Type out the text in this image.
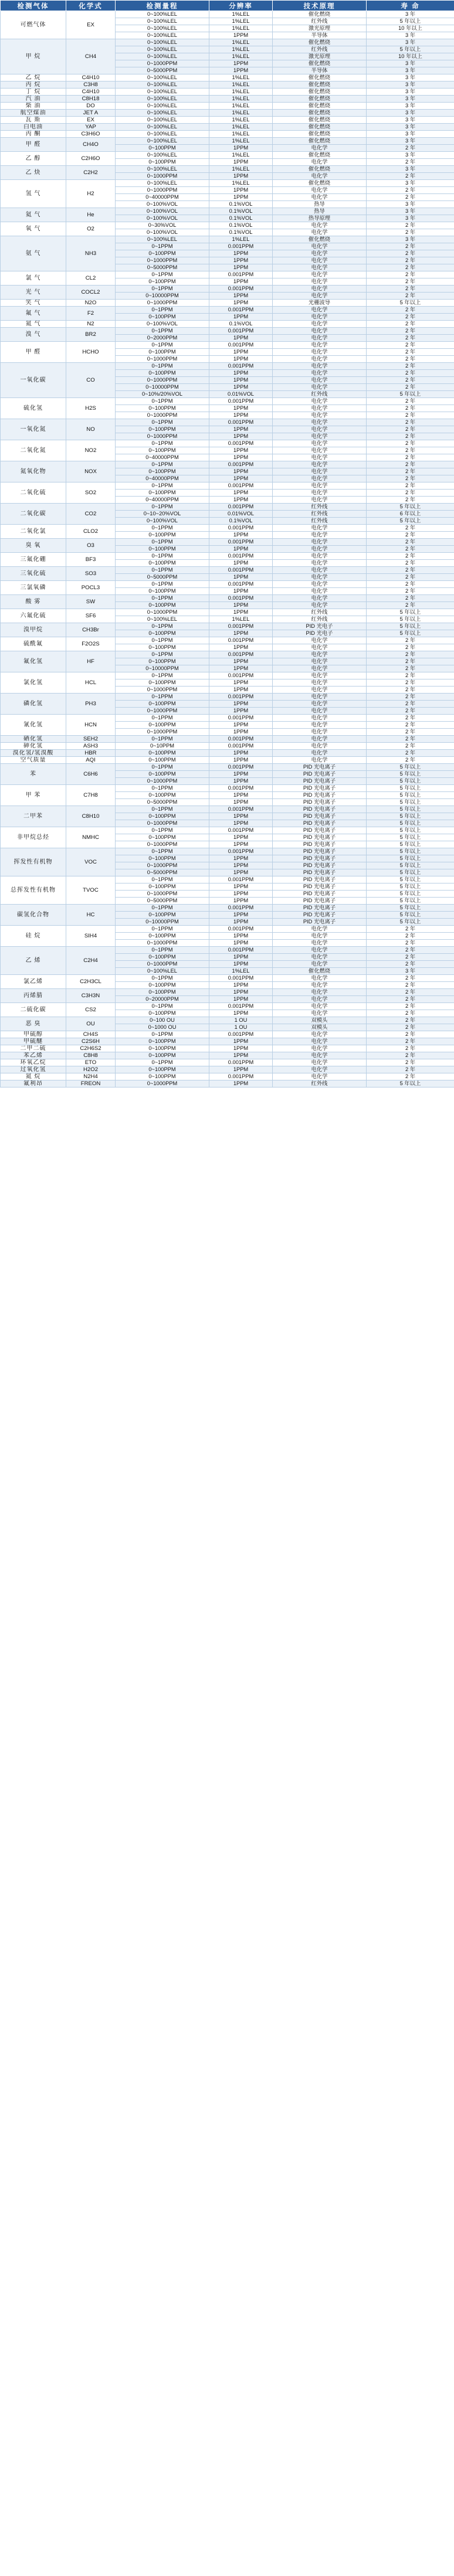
检测气体	化学式	检测量程	分辨率	技术原理	寿 命
可燃气体	EX	0~100%LEL	1%LEL	催化燃烧	3 年
		0~100%LEL	1%LEL	红外线	5 年以上
		0~100%LEL	1%LEL	激光原理	10 年以上
		0~100%LEL	1PPM	半导体	3 年
甲 烷	CH4	0~100%LEL	1%LEL	催化燃烧	3 年
		0~100%LEL	1%LEL	红外线	5 年以上
		0~100%LEL	1%LEL	激光原理	10 年以上
		0~1000PPM	1PPM	催化燃烧	3 年
		0~5000PPM	1PPM	半导体	3 年
乙 烷	C4H10	0~100%LEL	1%LEL	催化燃烧	3 年
丙 烷	C3H8	0~100%LEL	1%LEL	催化燃烧	3 年
丁 烷	C4H10	0~100%LEL	1%LEL	催化燃烧	3 年
汽 油	C8H18	0~100%LEL	1%LEL	催化燃烧	3 年
柴 油	DO	0~100%LEL	1%LEL	催化燃烧	3 年
航空煤油	JET A	0~100%LEL	1%LEL	催化燃烧	3 年
瓦 斯	EX	0~100%LEL	1%LEL	催化燃烧	3 年
白电油	YAP	0~100%LEL	1%LEL	催化燃烧	3 年
丙 酮	C3H6O	0~100%LEL	1%LEL	催化燃烧	3 年
甲 醛	CH4O	0~100%LEL	1%LEL	催化燃烧	3 年
		0~100PPM	1PPM	电化学	2 年
乙 醇	C2H6O	0~100%LEL	1%LEL	催化燃烧	3 年
		0~100PPM	1PPM	电化学	2 年
乙 炔	C2H2	0~100%LEL	1%LEL	催化燃烧	3 年
		0~1000PPM	1PPM	电化学	2 年
氢 气	H2	0~100%LEL	1%LEL	催化燃烧	3 年
		0~1000PPM	1PPM	电化学	2 年
		0~40000PPM	1PPM	电化学	2 年
		0~100%VOL	0.1%VOL	热导	3 年
氦 气	He	0~100%VOL	0.1%VOL	热导	3 年
		0~100%VOL	0.1%VOL	热导原理	3 年
氧 气	O2	0~30%VOL	0.1%VOL	电化学	2 年
		0~100%VOL	0.1%VOL	电化学	2 年
氨 气	NH3	0~100%LEL	1%LEL	催化燃烧	3 年
		0~1PPM	0.001PPM	电化学	2 年
		0~100PPM	1PPM	电化学	2 年
		0~1000PPM	1PPM	电化学	2 年
		0~5000PPM	1PPM	电化学	2 年
氯 气	CL2	0~1PPM	0.001PPM	电化学	2 年
		0~100PPM	1PPM	电化学	2 年
光 气	COCL2	0~1PPM	0.001PPM	电化学	2 年
		0~10000PPM	1PPM	电化学	2 年
笑 气	N2O	0~1000PPM	1PPM	光栅波导	5 年以上
氟 气	F2	0~1PPM	0.001PPM	电化学	2 年
		0~100PPM	1PPM	电化学	2 年
氮 气	N2	0~100%VOL	0.1%VOL	电化学	2 年
溴 气	BR2	0~1PPM	0.001PPM	电化学	2 年
		0~2000PPM	1PPM	电化学	2 年
甲 醛	HCHO	0~1PPM	0.001PPM	电化学	2 年
		0~100PPM	1PPM	电化学	2 年
		0~1000PPM	1PPM	电化学	2 年
一氧化碳	CO	0~1PPM	0.001PPM	电化学	2 年
		0~100PPM	1PPM	电化学	2 年
		0~1000PPM	1PPM	电化学	2 年
		0~10000PPM	1PPM	电化学	2 年
		0~10%/20%VOL	0.01%VOL	红外线	5 年以上
硫化氢	H2S	0~1PPM	0.001PPM	电化学	2 年
		0~100PPM	1PPM	电化学	2 年
		0~1000PPM	1PPM	电化学	2 年
一氧化氮	NO	0~1PPM	0.001PPM	电化学	2 年
		0~100PPM	1PPM	电化学	2 年
		0~1000PPM	1PPM	电化学	2 年
二氧化氮	NO2	0~1PPM	0.001PPM	电化学	2 年
		0~100PPM	1PPM	电化学	2 年
		0~40000PPM	1PPM	电化学	2 年
氮氧化物	NOX	0~1PPM	0.001PPM	电化学	2 年
		0~100PPM	1PPM	电化学	2 年
		0~40000PPM	1PPM	电化学	2 年
二氧化硫	SO2	0~1PPM	0.001PPM	电化学	2 年
		0~100PPM	1PPM	电化学	2 年
		0~40000PPM	1PPM	电化学	2 年
二氧化碳	CO2	0~1PPM	0.001PPM	红外线	5 年以上
		0~10~20%VOL	0.01%VOL	红外线	6 年以上
		0~100%VOL	0.1%VOL	红外线	5 年以上
二氧化氯	CLO2	0~1PPM	0.001PPM	电化学	2 年
		0~100PPM	1PPM	电化学	2 年
臭 氧	O3	0~1PPM	0.001PPM	电化学	2 年
		0~100PPM	1PPM	电化学	2 年
三氟化硼	BF3	0~1PPM	0.001PPM	电化学	2 年
		0~100PPM	1PPM	电化学	2 年
三氧化硫	SO3	0~1PPM	0.001PPM	电化学	2 年
		0~5000PPM	1PPM	电化学	2 年
三氯氧磷	POCL3	0~1PPM	0.001PPM	电化学	2 年
		0~100PPM	1PPM	电化学	2 年
酸 雾	SW	0~1PPM	0.001PPM	电化学	2 年
		0~100PPM	1PPM	电化学	2 年
六氟化硫	SF6	0~1000PPM	1PPM	红外线	5 年以上
		0~100%LEL	1%LEL	红外线	5 年以上
溴甲烷	CH3Br	0~1PPM	0.001PPM	PID 光电子	5 年以上
		0~100PPM	1PPM	PID 光电子	5 年以上
硫酰氟	F2O2S	0~1PPM	0.001PPM	电化学	2 年
		0~100PPM	1PPM	电化学	2 年
氟化氢	HF	0~1PPM	0.001PPM	电化学	2 年
		0~100PPM	1PPM	电化学	2 年
		0~10000PPM	1PPM	电化学	2 年
氯化氢	HCL	0~1PPM	0.001PPM	电化学	2 年
		0~100PPM	1PPM	电化学	2 年
		0~1000PPM	1PPM	电化学	2 年
磷化氢	PH3	0~1PPM	0.001PPM	电化学	2 年
		0~100PPM	1PPM	电化学	2 年
		0~1000PPM	1PPM	电化学	2 年
氰化氢	HCN	0~1PPM	0.001PPM	电化学	2 年
		0~100PPM	1PPM	电化学	2 年
		0~1000PPM	1PPM	电化学	2 年
硒化氢	SEH2	0~1PPM	0.001PPM	电化学	2 年
砷化氢	ASH3	0~10PPM	0.001PPM	电化学	2 年
溴化氢/氢溴酸	HBR	0~100PPM	1PPM	电化学	2 年
空气质量	AQI	0~100PPM	1PPM	电化学	2 年
苯	C6H6	0~1PPM	0.001PPM	PID 光电离子	5 年以上
		0~100PPM	1PPM	PID 光电离子	5 年以上
		0~1000PPM	1PPM	PID 光电离子	5 年以上
甲 苯	C7H8	0~1PPM	0.001PPM	PID 光电离子	5 年以上
		0~100PPM	1PPM	PID 光电离子	5 年以上
		0~5000PPM	1PPM	PID 光电离子	5 年以上
二甲苯	C8H10	0~1PPM	0.001PPM	PID 光电离子	5 年以上
		0~100PPM	1PPM	PID 光电离子	5 年以上
		0~1000PPM	1PPM	PID 光电离子	5 年以上
非甲烷总烃	NMHC	0~1PPM	0.001PPM	PID 光电离子	5 年以上
		0~100PPM	1PPM	PID 光电离子	5 年以上
		0~1000PPM	1PPM	PID 光电离子	5 年以上
挥发性有机物	VOC	0~1PPM	0.001PPM	PID 光电离子	5 年以上
		0~100PPM	1PPM	PID 光电离子	5 年以上
		0~1000PPM	1PPM	PID 光电离子	5 年以上
		0~5000PPM	1PPM	PID 光电离子	5 年以上
总挥发性有机物	TVOC	0~1PPM	0.001PPM	PID 光电离子	5 年以上
		0~100PPM	1PPM	PID 光电离子	5 年以上
		0~1000PPM	1PPM	PID 光电离子	5 年以上
		0~5000PPM	1PPM	PID 光电离子	5 年以上
碳氢化合物	HC	0~1PPM	0.001PPM	PID 光电离子	5 年以上
		0~100PPM	1PPM	PID 光电离子	5 年以上
		0~10000PPM	1PPM	PID 光电离子	5 年以上
硅 烷	SIH4	0~1PPM	0.001PPM	电化学	2 年
		0~100PPM	1PPM	电化学	2 年
		0~1000PPM	1PPM	电化学	2 年
乙 烯	C2H4	0~1PPM	0.001PPM	电化学	2 年
		0~100PPM	1PPM	电化学	2 年
		0~1000PPM	1PPM	电化学	2 年
		0~100%LEL	1%LEL	催化燃烧	3 年
氯乙烯	C2H3CL	0~1PPM	0.001PPM	电化学	2 年
		0~100PPM	1PPM	电化学	2 年
丙烯腈	C3H3N	0~100PPM	1PPM	电化学	2 年
		0~20000PPM	1PPM	电化学	2 年
二硫化碳	CS2	0~1PPM	0.001PPM	电化学	2 年
		0~100PPM	1PPM	电化学	2 年
恶 臭	OU	0~100 OU	1 OU	双模头	2 年
		0~1000 OU	1 OU	双模头	2 年
甲硫醇	CH4S	0~1PPM	0.001PPM	电化学	2 年
甲硫醚	C2S6H	0~100PPM	1PPM	电化学	2 年
二甲二硫	C2H6S2	0~100PPM	1PPM	电化学	2 年
苯乙烯	C8H8	0~100PPM	1PPM	电化学	2 年
环氧乙烷	ETO	0~1PPM	0.001PPM	电化学	2 年
过氧化氢	H2O2	0~100PPM	1PPM	电化学	2 年
氮 烷	N2H4	0~100PPM	0.001PPM	电化学	2 年
氟利昂	FREON	0~1000PPM	1PPM	红外线	5 年以上
